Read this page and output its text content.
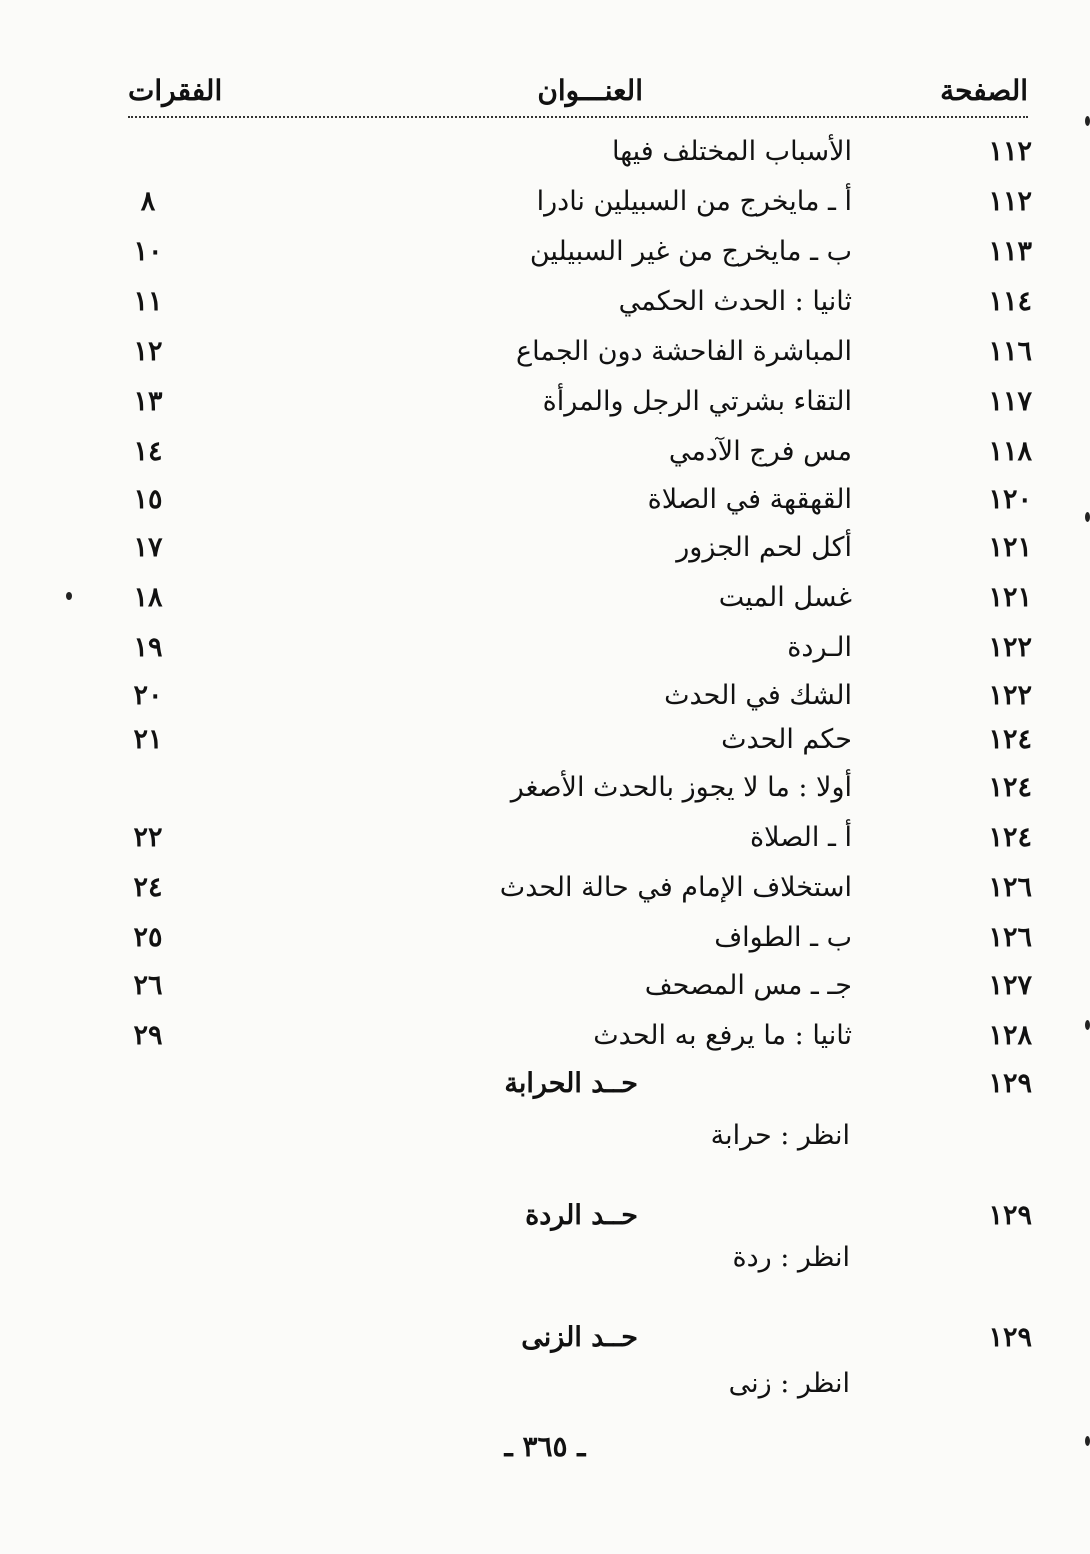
الصفحة
العنـــوان
الفقرات
١١٢
الأسباب المختلف فيها
١١٢
أ ـ مايخرج من السبيلين نادرا
٨
١١٣
ب ـ مايخرج من غير السبيلين
١٠
١١٤
ثانيا : الحدث الحكمي
١١
١١٦
المباشرة الفاحشة دون الجماع
١٢
١١٧
التقاء بشرتي الرجل والمرأة
١٣
١١٨
مس فرج الآدمي
١٤
١٢٠
القهقهة في الصلاة
١٥
١٢١
أكل لحم الجزور
١٧
١٢١
غسل الميت
١٨
١٢٢
الـردة
١٩
١٢٢
الشك في الحدث
٢٠
١٢٤
حكم الحدث
٢١
١٢٤
أولا : ما لا يجوز بالحدث الأصغر
١٢٤
أ ـ الصلاة
٢٢
١٢٦
استخلاف الإمام في حالة الحدث
٢٤
١٢٦
ب ـ الطواف
٢٥
١٢٧
جـ ـ مس المصحف
٢٦
١٢٨
ثانيا : ما يرفع به الحدث
٢٩
١٢٩
حــد الحرابة
انظر : حرابة
١٢٩
حــد الردة
انظر : ردة
١٢٩
حــد الزنى
انظر : زنى
ـ ٣٦٥ ـ
